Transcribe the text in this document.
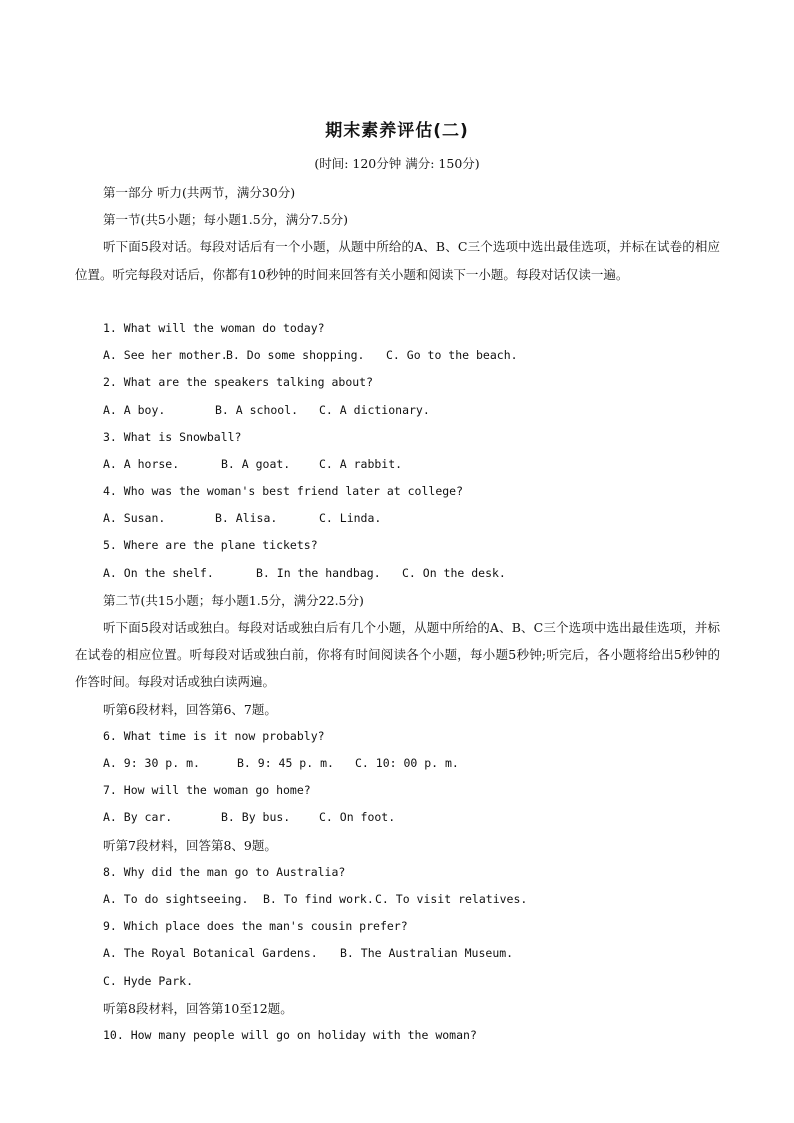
期末素养评估(二)
(时间: 120分钟 满分: 150分)
第一部分 听力(共两节，满分30分)
第一节(共5小题；每小题1.5分，满分7.5分)
听下面5段对话。每段对话后有一个小题，从题中所给的A、B、C三个选项中选出最佳选项，并标在试卷的相应位置。听完每段对话后，你都有10秒钟的时间来回答有关小题和阅读下一小题。每段对话仅读一遍。
1. What will the woman do today?
A. See her mother.B. Do some shopping. C. Go to the beach.
2. What are the speakers talking about?
A. A boy.	B. A school. C. A dictionary.
3. What is Snowball?
A. A horse.	B. A goat.	C. A rabbit.
4. Who was the woman's best friend later at college?
A. Susan.	B. Alisa.	C. Linda.
5. Where are the plane tickets?
A. On the shelf.	B. In the handbag. C. On the desk.
第二节(共15小题；每小题1.5分，满分22.5分)
听下面5段对话或独白。每段对话或独白后有几个小题，从题中所给的A、B、C三个选项中选出最佳选项，并标在试卷的相应位置。听每段对话或独白前，你将有时间阅读各个小题，每小题5秒钟;听完后，各小题将给出5秒钟的作答时间。每段对话或独白读两遍。
听第6段材料，回答第6、7题。
6. What time is it now probably?
A. 9: 30 p. m.	B. 9: 45 p. m. C. 10: 00 p. m.
7. How will the woman go home?
A. By car.	B. By bus.	C. On foot.
听第7段材料，回答第8、9题。
8. Why did the man go to Australia?
A. To do sightseeing. B. To find work.C. To visit relatives.
9. Which place does the man's cousin prefer?
A. The Royal Botanical Gardens. B. The Australian Museum.
C. Hyde Park.
听第8段材料，回答第10至12题。
10. How many people will go on holiday with the woman?
